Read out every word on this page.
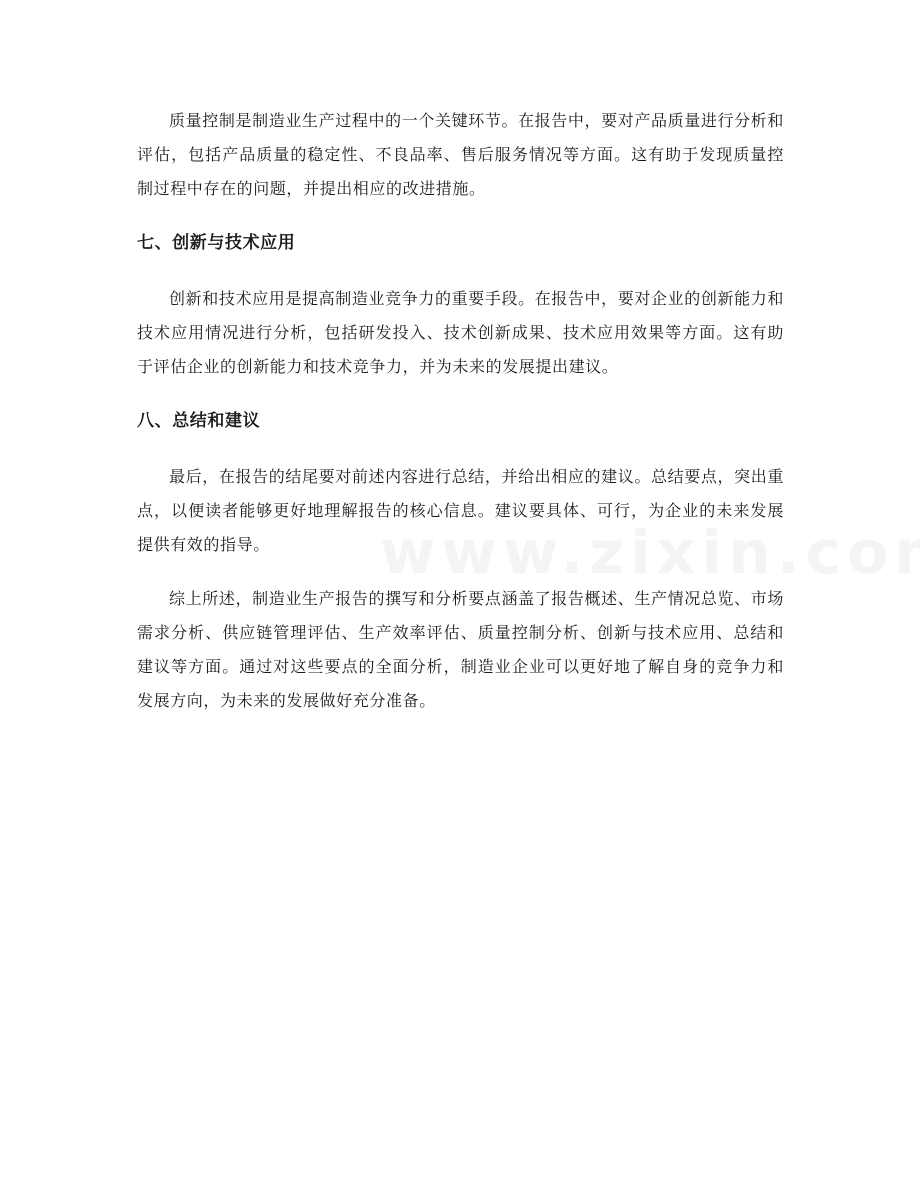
质量控制是制造业生产过程中的一个关键环节。在报告中，要对产品质量进行分析和评估，包括产品质量的稳定性、不良品率、售后服务情况等方面。这有助于发现质量控制过程中存在的问题，并提出相应的改进措施。

七、创新与技术应用

创新和技术应用是提高制造业竞争力的重要手段。在报告中，要对企业的创新能力和技术应用情况进行分析，包括研发投入、技术创新成果、技术应用效果等方面。这有助于评估企业的创新能力和技术竞争力，并为未来的发展提出建议。

八、总结和建议

最后，在报告的结尾要对前述内容进行总结，并给出相应的建议。总结要点，突出重点，以便读者能够更好地理解报告的核心信息。建议要具体、可行，为企业的未来发展提供有效的指导。

综上所述，制造业生产报告的撰写和分析要点涵盖了报告概述、生产情况总览、市场需求分析、供应链管理评估、生产效率评估、质量控制分析、创新与技术应用、总结和建议等方面。通过对这些要点的全面分析，制造业企业可以更好地了解自身的竞争力和发展方向，为未来的发展做好充分准备。
